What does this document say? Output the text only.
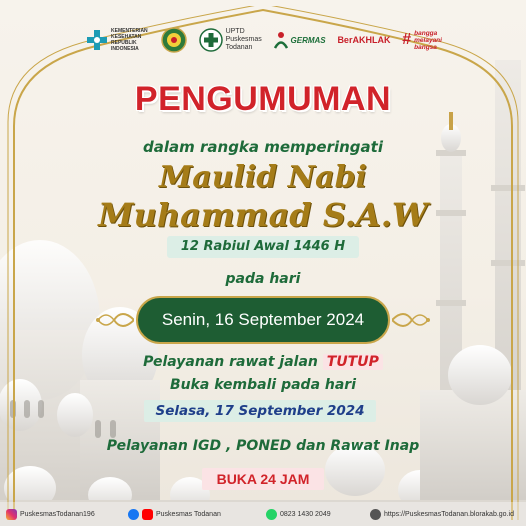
KEMENTERIAN KESEHATAN REPUBLIK INDONESIA
UPTD
Puskesmas
Todanan
GERMAS BerAKHLAK # bangga
melayani
bangsa
PENGUMUMAN
dalam rangka memperingati
Maulid Nabi
Muhammad S.A.W
12 Rabiul Awal 1446 H
pada hari
Senin, 16 September 2024
Pelayanan rawat jalan TUTUP
Buka kembali pada hari
Selasa, 17 September 2024
Pelayanan IGD , PONED dan Rawat Inap
BUKA 24 JAM
PuskesmasTodanan196	Puskesmas Todanan	0823 1430 2049	https://PuskesmasTodanan.blorakab.go.id
